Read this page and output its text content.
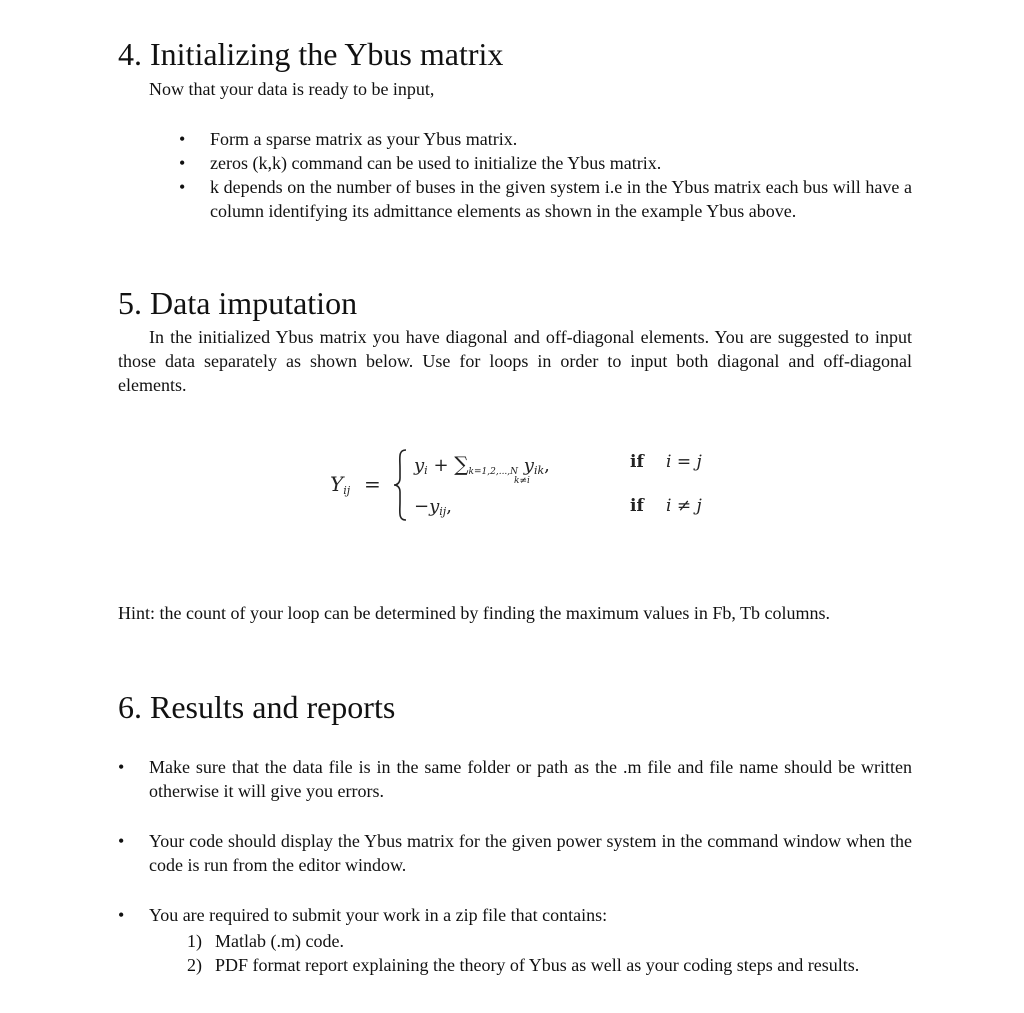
4. Initializing the Ybus matrix
Now that your data is ready to be input,
• Form a sparse matrix as your Ybus matrix.
• zeros (k,k) command can be used to initialize the Ybus matrix.
• k depends on the number of buses in the given system i.e in the Ybus matrix each bus will have a column identifying its admittance elements as shown in the example Ybus above.
5. Data imputation
In the initialized Ybus matrix you have diagonal and off-diagonal elements. You are suggested to input those data separately as shown below. Use for loops in order to input both diagonal and off-diagonal elements.
$Y_{ij}$ =
$y_i + \sum_{k=1,2,...,N}$ $y_{ik}$,
k≠i
if i = j
$-y_{ij}$,	if i ≠ j
Hint: the count of your loop can be determined by finding the maximum values in Fb, Tb columns.
6. Results and reports
• Make sure that the data file is in the same folder or path as the .m file and file name should be written otherwise it will give you errors.
• Your code should display the Ybus matrix for the given power system in the command window when the code is run from the editor window.
• You are required to submit your work in a zip file that contains:
1) Matlab (.m) code.
2) PDF format report explaining the theory of Ybus as well as your coding steps and results.
